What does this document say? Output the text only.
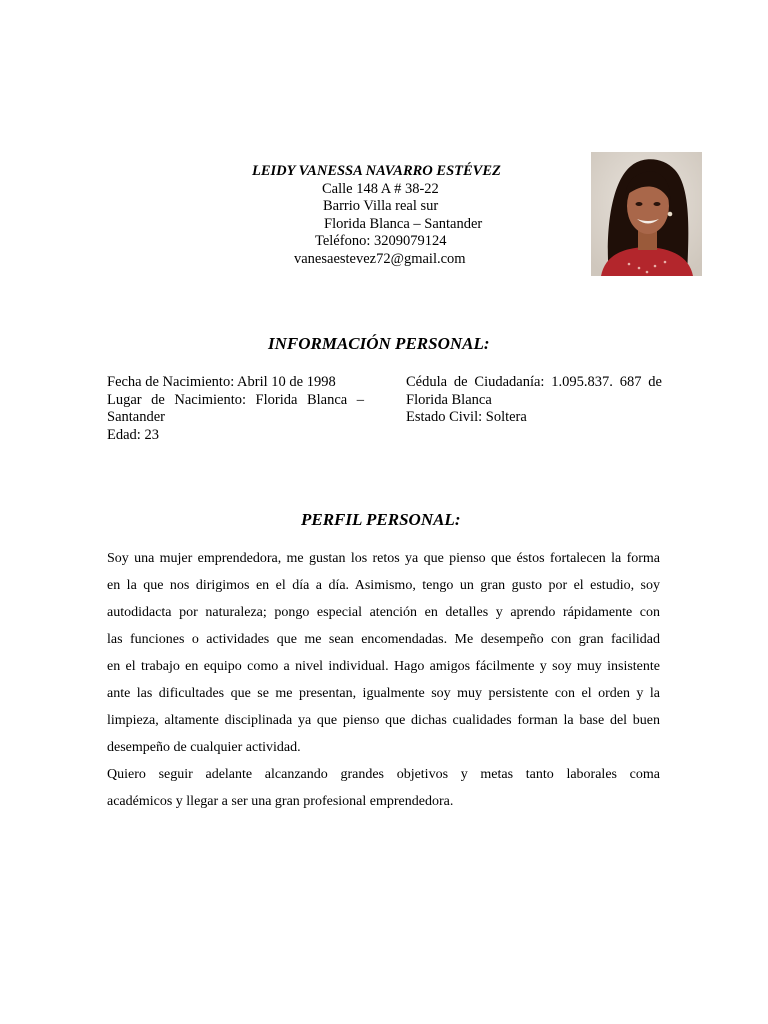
LEIDY VANESSA NAVARRO ESTÉVEZ
Calle 148 A # 38-22
Barrio Villa real sur
Florida Blanca – Santander
Teléfono: 3209079124
vanesaestevez72@gmail.com
INFORMACIÓN PERSONAL:
Fecha de Nacimiento: Abril 10 de 1998
Lugar de Nacimiento: Florida Blanca –
Santander
Edad: 23
Cédula de Ciudadanía: 1.095.837. 687 de
Florida Blanca
Estado Civil: Soltera
PERFIL PERSONAL:
Soy una mujer emprendedora, me gustan los retos ya que pienso que éstos fortalecen la forma
en la que nos dirigimos en el día a día. Asimismo, tengo un gran gusto por el estudio, soy
autodidacta por naturaleza; pongo especial atención en detalles y aprendo rápidamente con
las funciones o actividades que me sean encomendadas. Me desempeño con gran facilidad
en el trabajo en equipo como a nivel individual. Hago amigos fácilmente y soy muy insistente
ante las dificultades que se me presentan, igualmente soy muy persistente con el orden y la
limpieza, altamente disciplinada ya que pienso que dichas cualidades forman la base del buen
desempeño de cualquier actividad.
Quiero seguir adelante alcanzando grandes objetivos y metas tanto laborales coma
académicos y llegar a ser una gran profesional emprendedora.
